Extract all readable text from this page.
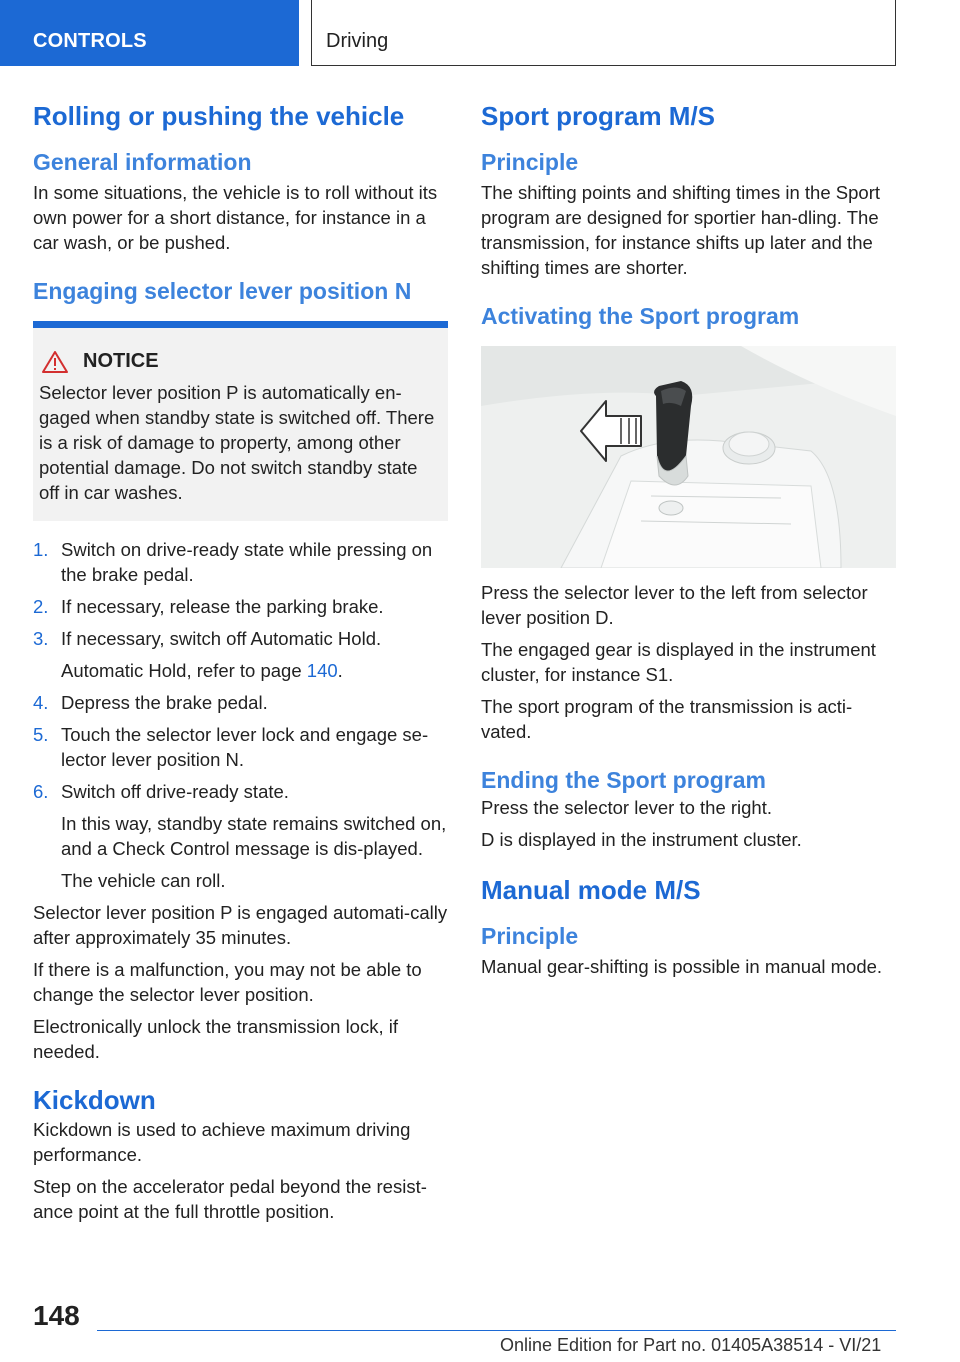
CONTROLS	Driving
Rolling or pushing the vehicle
General information
In some situations, the vehicle is to roll without its own power for a short distance, for instance in a car wash, or be pushed.
Engaging selector lever position N
NOTICE
Selector lever position P is automatically en-gaged when standby state is switched off. There is a risk of damage to property, among other potential damage. Do not switch standby state off in car washes.
1. Switch on drive-ready state while pressing on the brake pedal.
2. If necessary, release the parking brake.
3. If necessary, switch off Automatic Hold.
Automatic Hold, refer to page 140.
4. Depress the brake pedal.
5. Touch the selector lever lock and engage se-lector lever position N.
6. Switch off drive-ready state.
In this way, standby state remains switched on, and a Check Control message is dis-played.
The vehicle can roll.
Selector lever position P is engaged automati-cally after approximately 35 minutes.
If there is a malfunction, you may not be able to change the selector lever position.
Electronically unlock the transmission lock, if needed.
Kickdown
Kickdown is used to achieve maximum driving performance.
Step on the accelerator pedal beyond the resist-ance point at the full throttle position.
Sport program M/S
Principle
The shifting points and shifting times in the Sport program are designed for sportier han-dling. The transmission, for instance shifts up later and the shifting times are shorter.
Activating the Sport program
Press the selector lever to the left from selector lever position D.
The engaged gear is displayed in the instrument cluster, for instance S1.
The sport program of the transmission is acti-vated.
Ending the Sport program
Press the selector lever to the right.
D is displayed in the instrument cluster.
Manual mode M/S
Principle
Manual gear-shifting is possible in manual mode.
148
Online Edition for Part no. 01405A38514 - VI/21
